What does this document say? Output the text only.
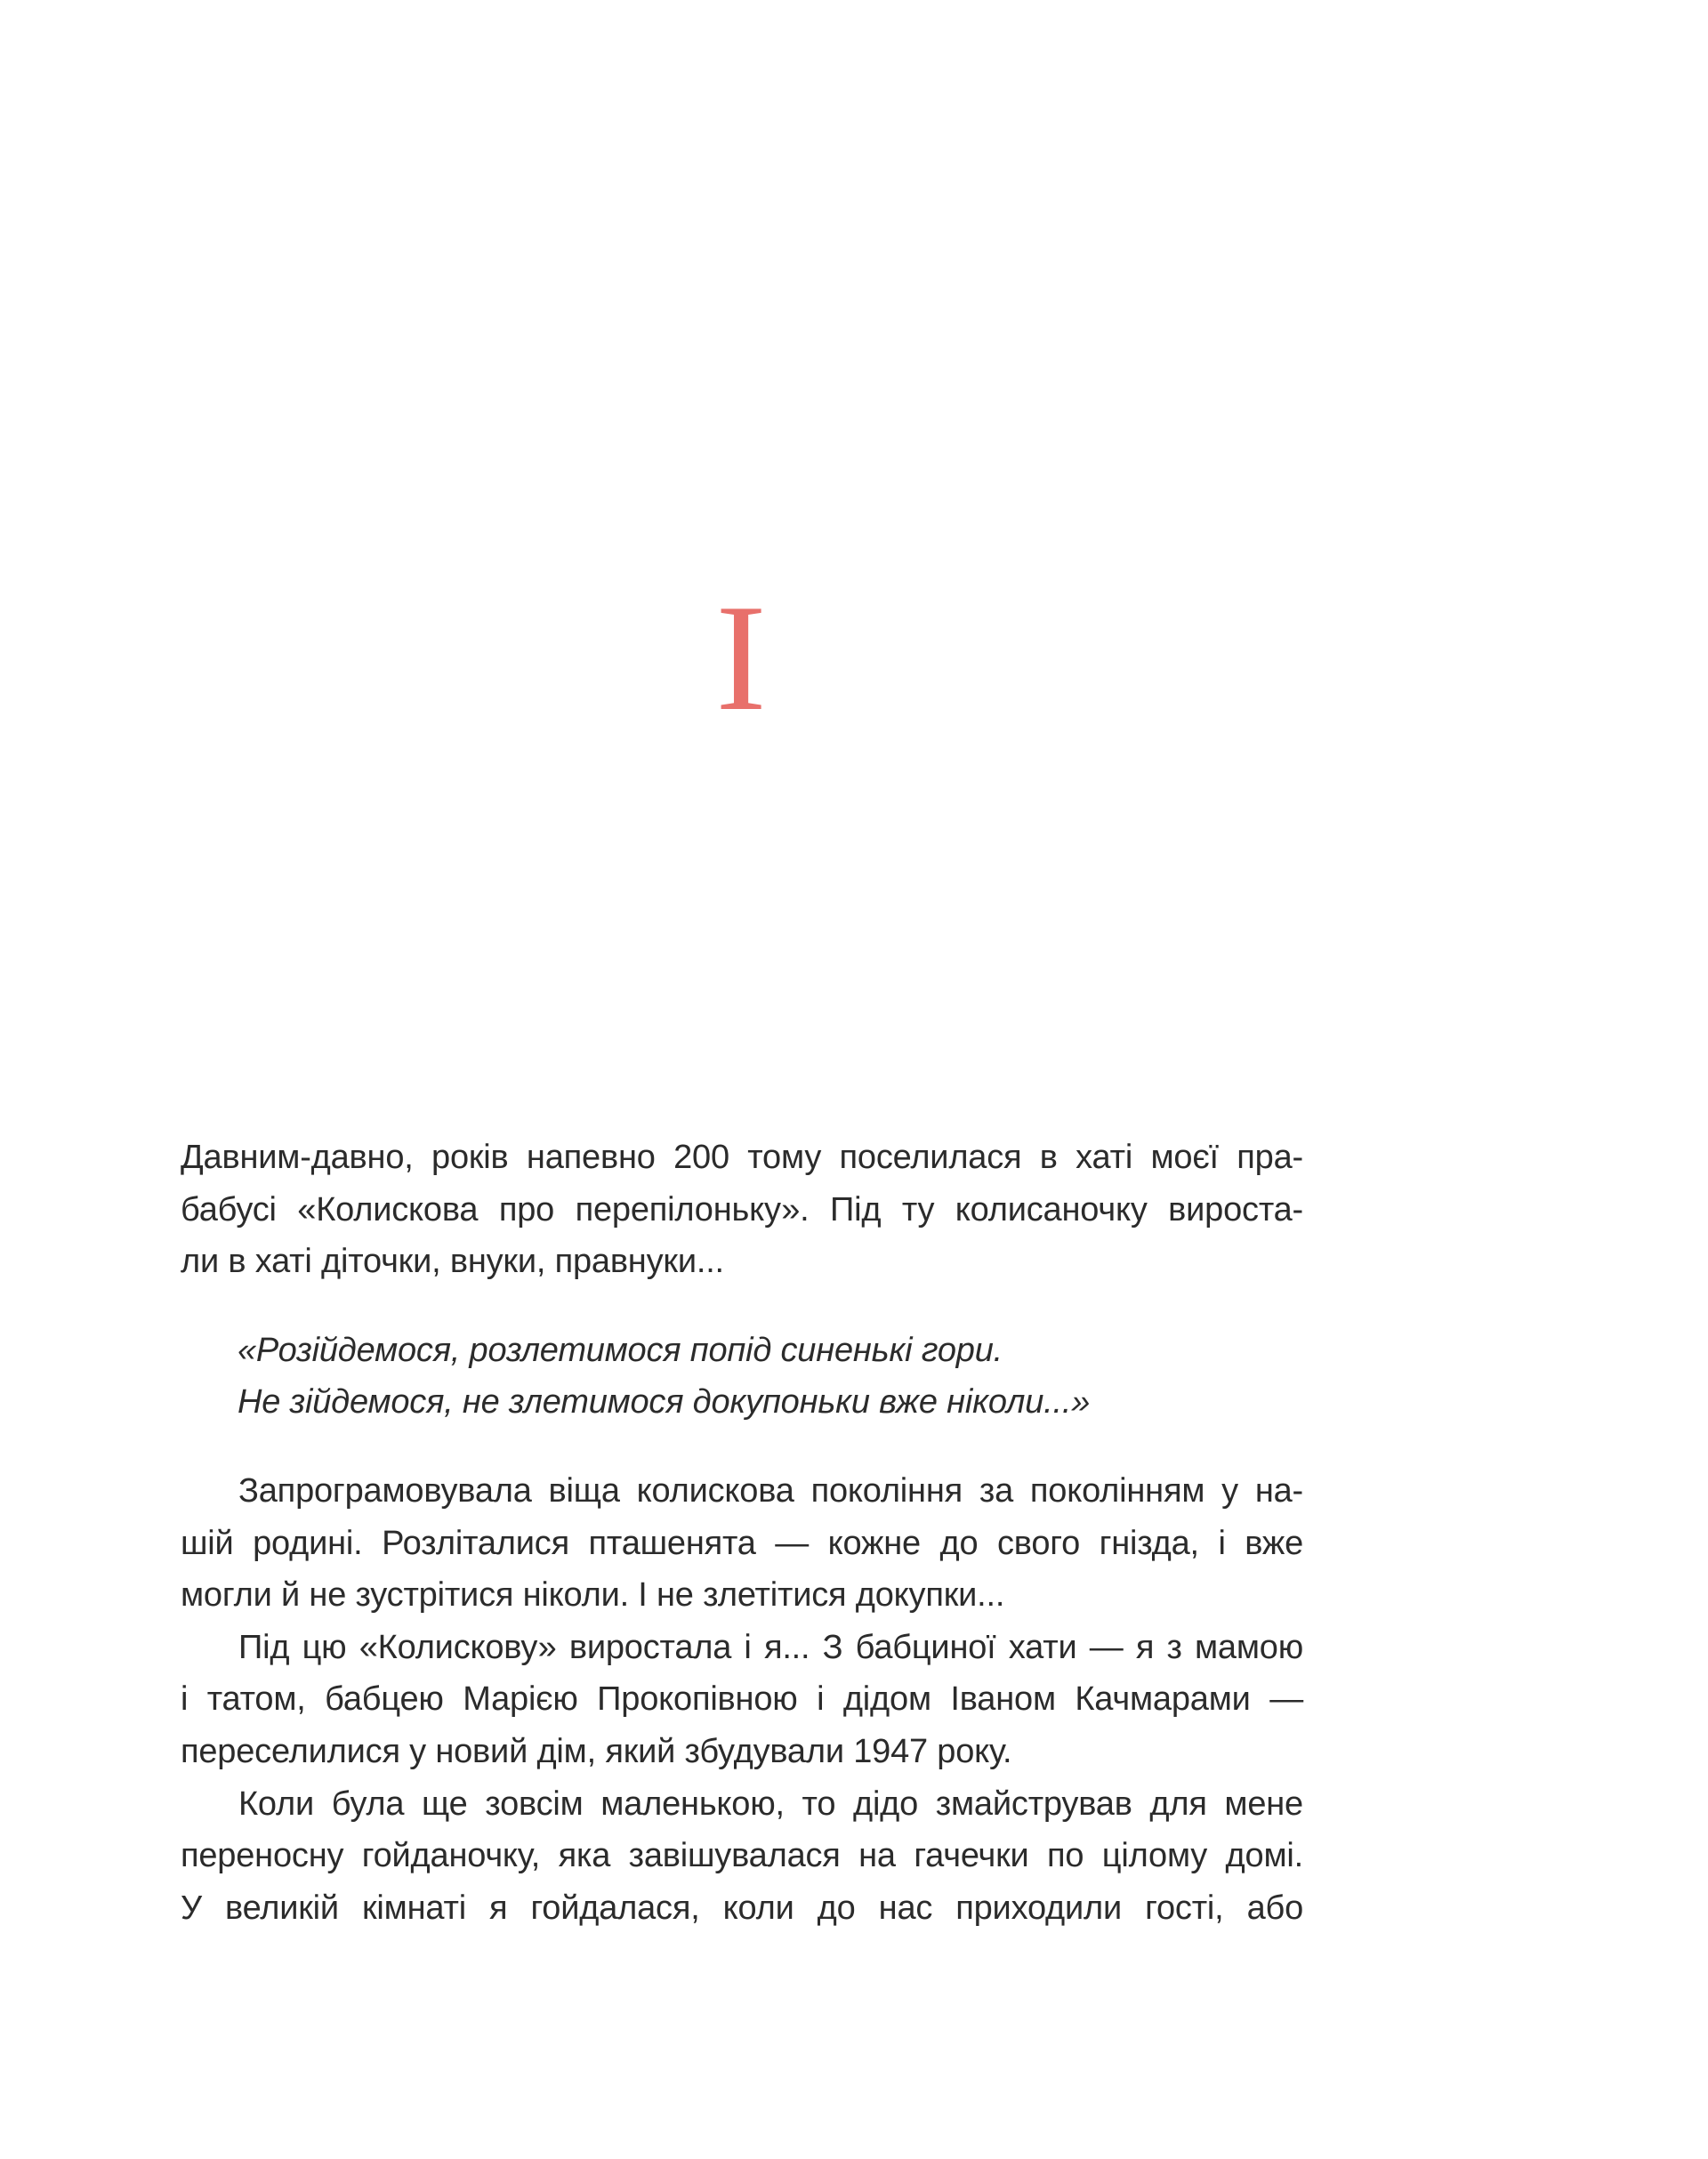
I

Давним-давно, років напевно 200 тому поселилася в хаті моєї пра-
бабусі «Колискова про перепілоньку». Під ту колисаночку вироста-
ли в хаті діточки, внуки, правнуки...

«Розійдемося, розлетимося попід синенькі гори.
Не зійдемося, не злетимося докупоньки вже ніколи...»

Запрограмовувала віща колискова покоління за поколінням у на-
шій родині. Розліталися пташенята — кожне до свого гнізда, і вже
могли й не зустрітися ніколи. І не злетітися докупки...

Під цю «Колискову» виростала і я... З бабциної хати — я з мамою
і татом, бабцею Марією Прокопівною і дідом Іваном Качмарами —
переселилися у новий дім, який збудували 1947 року.

Коли була ще зовсім маленькою, то дідо змайстрував для мене
переносну гойданочку, яка завішувалася на гачечки по цілому домі.
У великій кімнаті я гойдалася, коли до нас приходили гості, або
